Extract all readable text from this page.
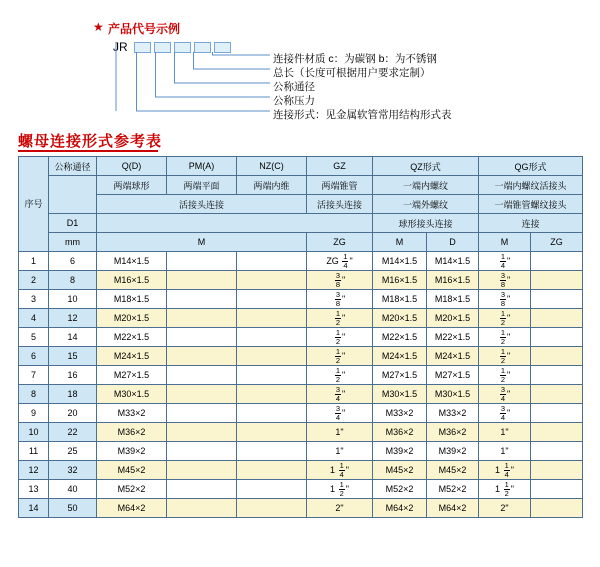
★ 产品代号示例
JR
连接件材质 c：为碳钢 b：为不锈钢
总长（长度可根据用户要求定制）
公称通径
公称压力
连接形式：见金属软管常用结构形式表
螺母连接形式参考表
序号	公称通径	Q(D)	PM(A)	NZ(C)	GZ	QZ形式		QG形式	
		两端球形	两端平面	两端内维	两端锥管	一端内螺纹		一端内螺纹活接头	
		活接头连接			活接头连接	一端外螺纹		一端锥管螺纹接头	
	D1					球形接头连接		连接	
	mm	M			ZG	M	D	M	ZG
1	6	M14×1.5			ZG $\frac{1}{4}$ "	M14×1.5	M14×1.5	$\frac{1}{4}$ "	
2	8	M16×1.5			$\frac{3}{8}$ "	M16×1.5	M16×1.5	$\frac{3}{8}$ "	
3	10	M18×1.5			$\frac{3}{8}$ "	M18×1.5	M18×1.5	$\frac{3}{8}$ "	
4	12	M20×1.5			$\frac{1}{2}$ "	M20×1.5	M20×1.5	$\frac{1}{2}$ "	
5	14	M22×1.5			$\frac{1}{2}$ "	M22×1.5	M22×1.5	$\frac{1}{2}$ "	
6	15	M24×1.5			$\frac{1}{2}$ "	M24×1.5	M24×1.5	$\frac{1}{2}$ "	
7	16	M27×1.5			$\frac{1}{2}$ "	M27×1.5	M27×1.5	$\frac{1}{2}$ "	
8	18	M30×1.5			$\frac{3}{4}$ "	M30×1.5	M30×1.5	$\frac{3}{4}$ "	
9	20	M33×2			$\frac{3}{4}$ "	M33×2	M33×2	$\frac{3}{4}$ "	
10	22	M36×2			1"	M36×2	M36×2	1"	
11	25	M39×2			1"	M39×2	M39×2	1"	
12	32	M45×2			$1 \frac{1}{4}$ "	M45×2	M45×2	$1 \frac{1}{4}$ "	
13	40	M52×2			$1 \frac{1}{2}$ "	M52×2	M52×2	$1 \frac{1}{2}$ "	
14	50	M64×2			2"	M64×2	M64×2	2"	
